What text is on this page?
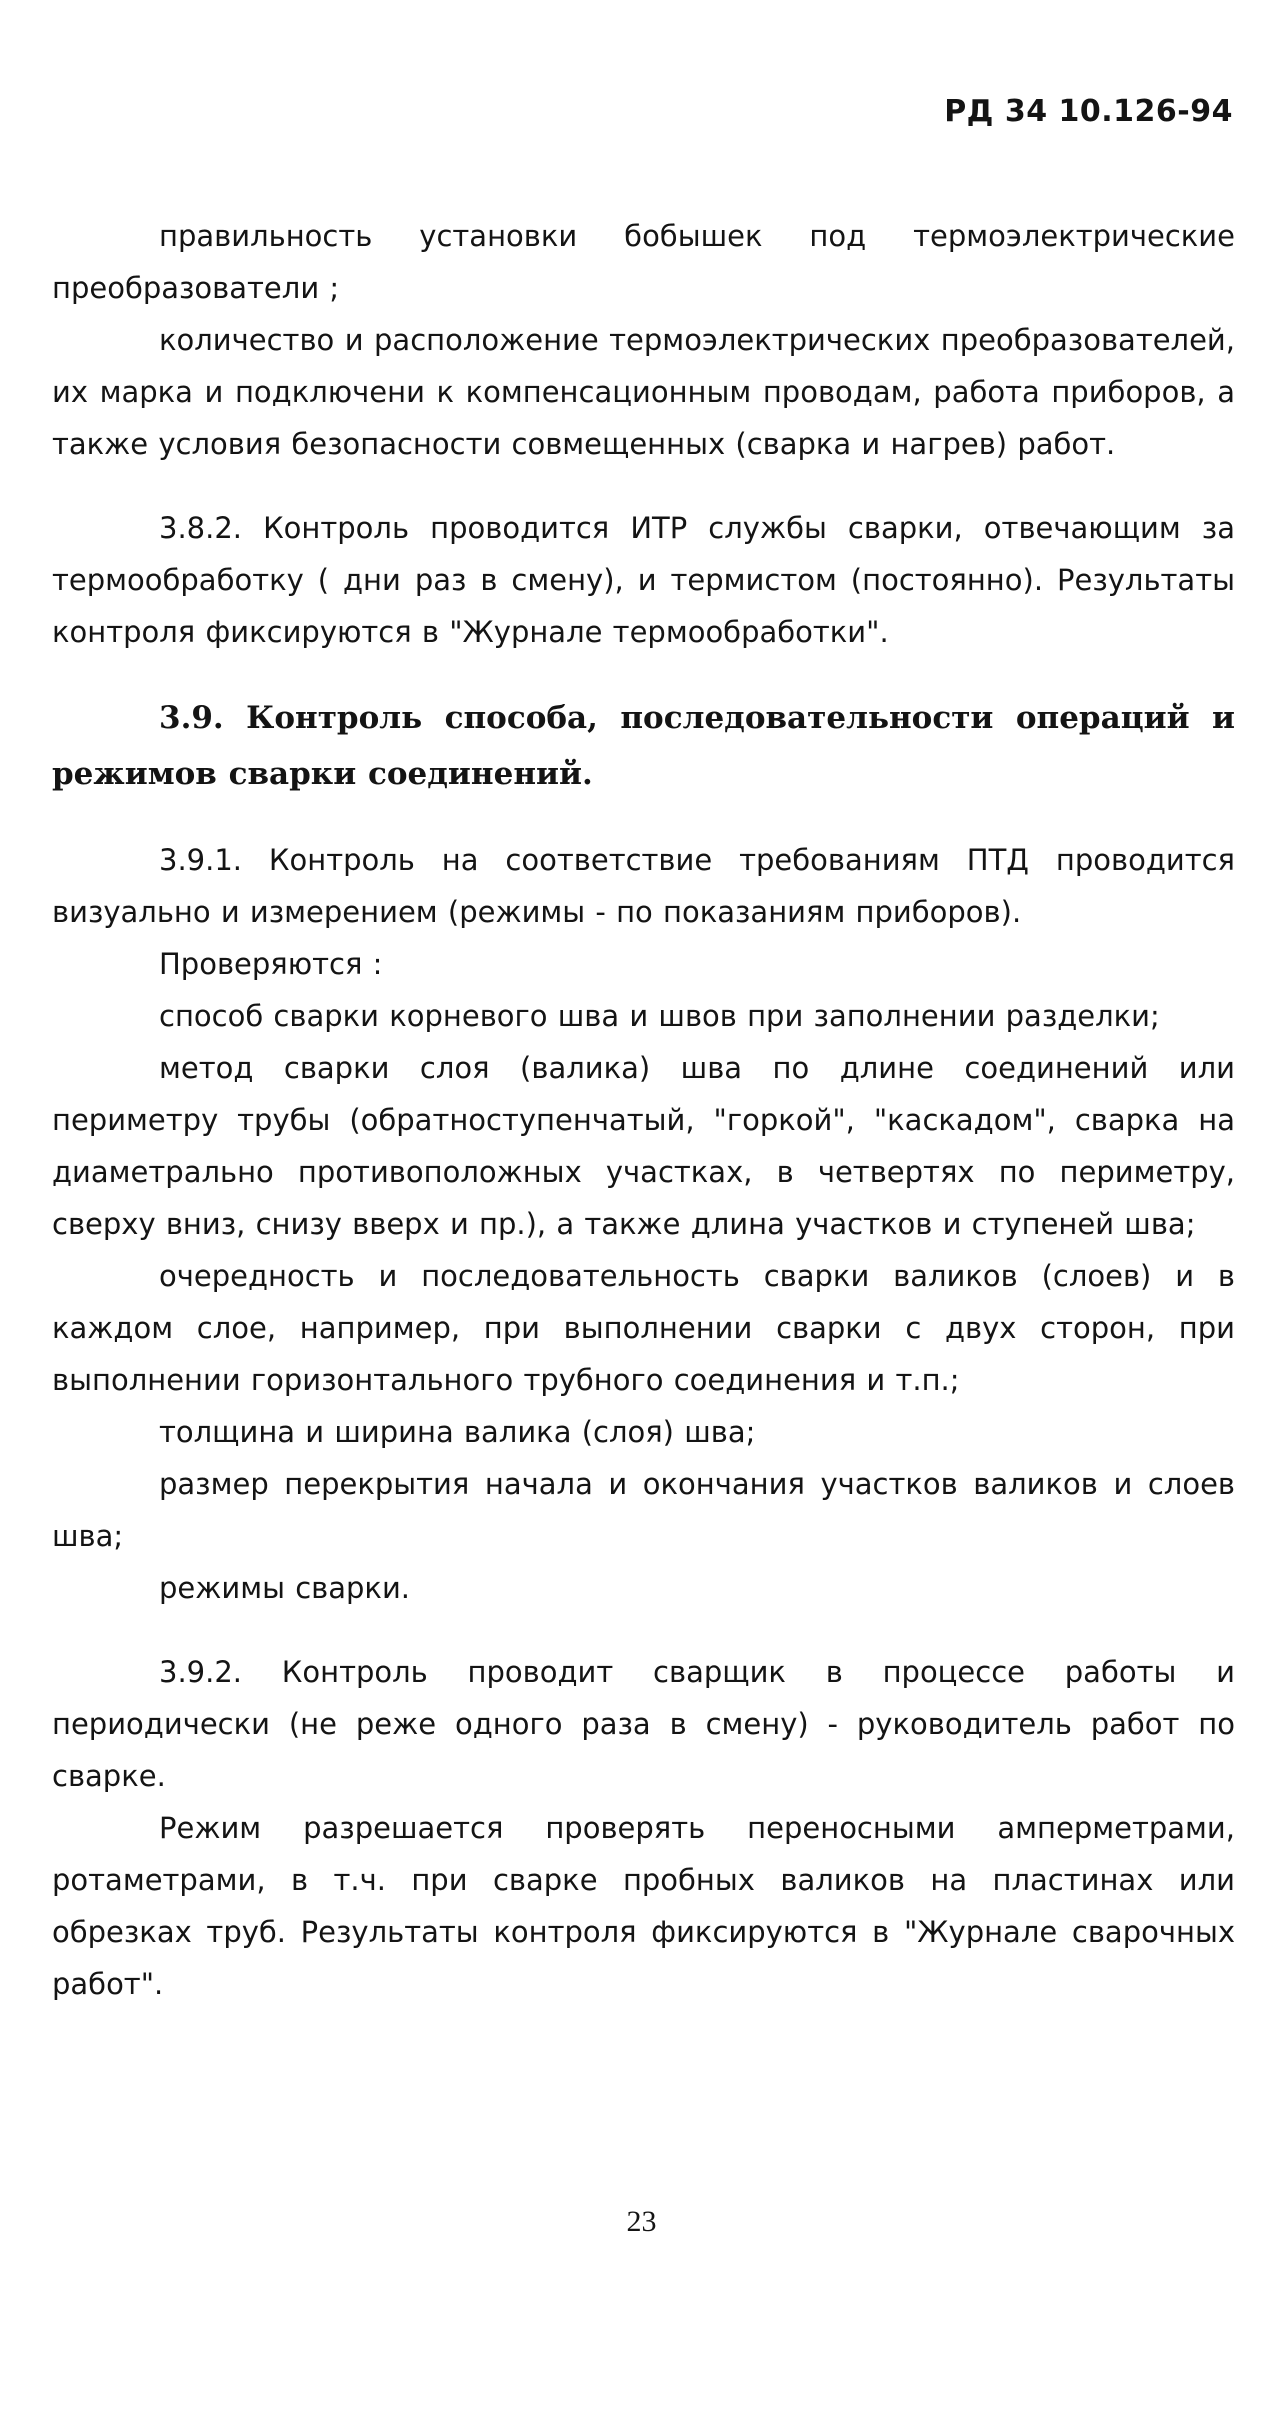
РД 34 10.126-94

правильность установки бобышек под термоэлектрические преобразователи ;

количество и расположение термоэлектрических преобразователей, их марка и подключени к компенсационным проводам, работа приборов, а также условия безопасности совмещенных (сварка и нагрев) работ.

3.8.2. Контроль проводится ИТР службы сварки, отвечающим за термообработку ( дни раз в смену), и термистом (постоянно). Результаты контроля фиксируются в "Журнале термообработки".

3.9. Контроль способа, последовательности операций и режимов сварки соединений.

3.9.1. Контроль на соответствие требованиям ПТД проводится визуально и измерением (режимы - по показаниям приборов).

Проверяются :

способ сварки корневого шва и швов при заполнении разделки;

метод сварки слоя (валика) шва по длине соединений или периметру трубы (обратноступенчатый, "горкой", "каскадом", сварка на диаметрально противоположных участках, в четвертях по периметру, сверху вниз, снизу вверх и пр.), а также длина участков и ступеней шва;

очередность и последовательность сварки валиков (слоев) и в каждом слое, например, при выполнении сварки с двух сторон, при выполнении горизонтального трубного соединения и т.п.;

толщина и ширина валика (слоя) шва;

размер перекрытия начала и окончания участков валиков и слоев шва;

режимы сварки.

3.9.2. Контроль проводит сварщик в процессе работы и периодически (не реже одного раза в смену) - руководитель работ по сварке.

Режим разрешается проверять переносными амперметрами, ротаметрами, в т.ч. при сварке пробных валиков на пластинах или обрезках труб. Результаты контроля фиксируются в "Журнале сварочных работ".

23
